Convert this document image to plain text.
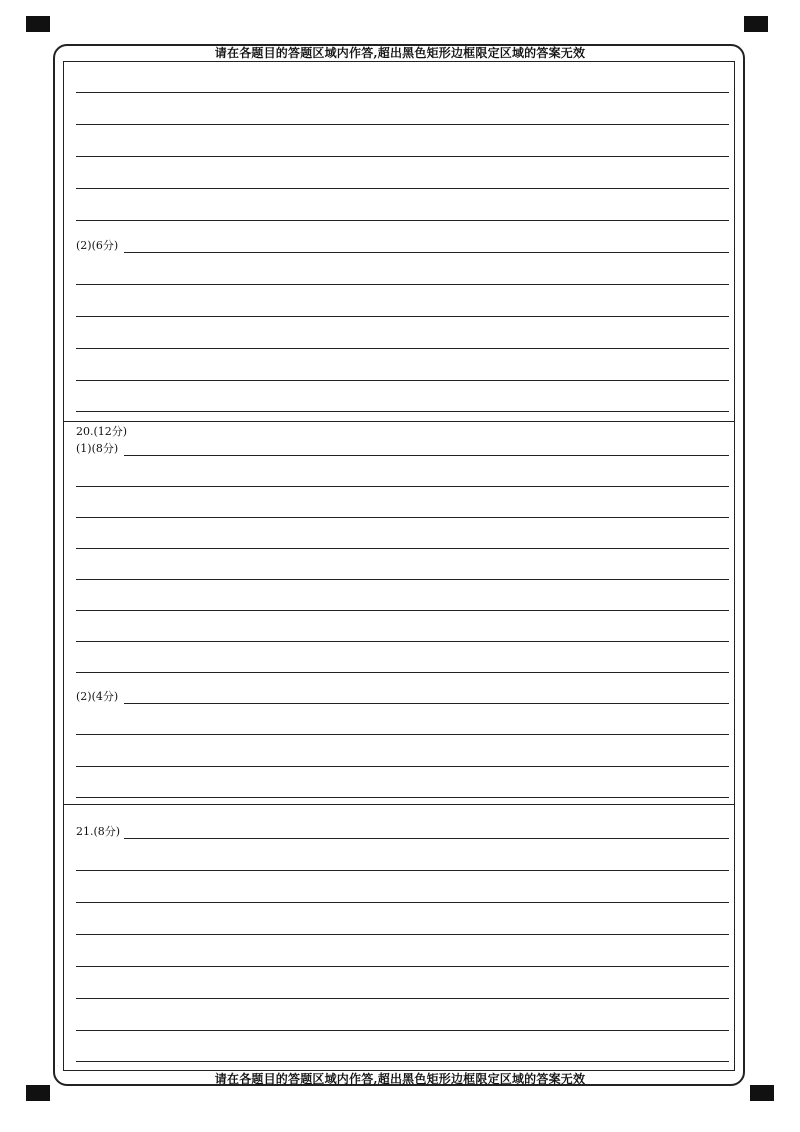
请在各题目的答题区域内作答,超出黑色矩形边框限定区域的答案无效
请在各题目的答题区域内作答,超出黑色矩形边框限定区域的答案无效
(2)(6分)
20.(12分)
(1)(8分)
(2)(4分)
21.(8分)
